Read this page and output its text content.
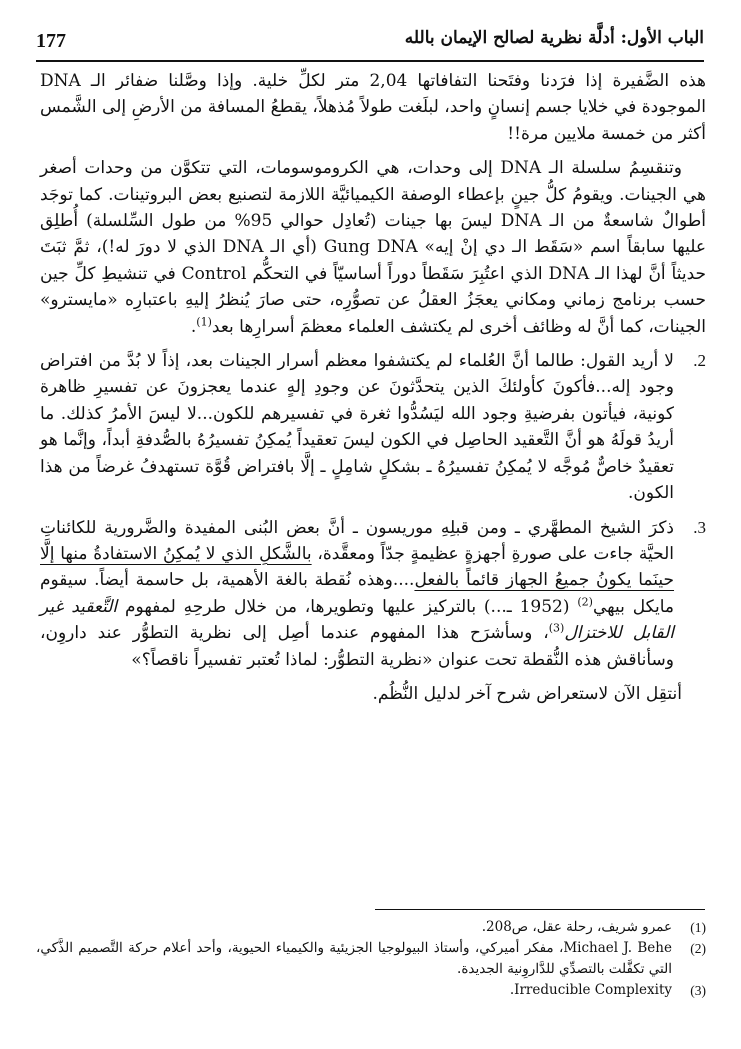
177	الباب الأول: أدلَّة نظرية لصالح الإيمان بالله

هذه الضَّفيرة إذا فرَدنا وفتَحنا التفافاتها 2,04 متر لكلِّ خلية. وإذا وصَّلنا ضفائر الـ DNA الموجودة في خلايا جسم إنسانٍ واحد، لبلَغت طولاً مُذهلاً، يقطعُ المسافة من الأرضِ إلى الشَّمس أكثر من خمسة ملايين مرة!!

وتنقسِمُ سلسلة الـ DNA إلى وحدات، هي الكروموسومات، التي تتكوَّن من وحدات أصغر هي الجينات. ويقومُ كلُّ جينٍ بإعطاء الوصفة الكيميائيَّة اللازمة لتصنيع بعض البروتينات. كما توجَد أطوالٌ شاسعةٌ من الـ DNA ليسَ بها جينات (تُعادِل حوالي 95% من طول السِّلسلة) أُطلِق عليها سابقاً اسم «سَقَط الـ دي إنْ إيه» Gung DNA (أي الـ DNA الذي لا دورَ له!)، ثمَّ ثبَتَ حديثاً أنَّ لهذا الـ DNA الذي اعتُبِرَ سَقَطاً دوراً أساسيّاً في التحكُّم Control في تنشيطِ كلِّ جين حسب برنامج زماني ومكاني يعجَزُ العقلُ عن تصوُّرِه، حتى صارَ يُنظرُ إليهِ باعتبارِه «مايسترو» الجينات، كما أنَّ له وظائف أخرى لم يكتشف العلماء معظمَ أسرارِها بعد$^{(1)}$.

.2
لا أريد القول: طالما أنَّ العُلماء لم يكتشفوا معظم أسرار الجينات بعد، إذاً لا بُدَّ من افتراض وجود إله...فأكونَ كأولئكَ الذين يتحدَّثونَ عن وجودِ إلهٍ عندما يعجزونَ عن تفسيرِ ظاهرة كونية، فيأتون بفرضيةِ وجود الله ليَسُدُّوا ثغرة في تفسيرهم للكون...لا ليسَ الأمرُ كذلك. ما أريدُ قولَهُ هو أنَّ التَّعقيد الحاصِل في الكون ليسَ تعقيداً يُمكِنُ تفسيرُهُ بالصُّدفةِ أبداً، وإنَّما هو تعقيدٌ خاصٌّ مُوجَّه لا يُمكِنُ تفسيرُهُ ـ بشكلٍ شامِلٍ ـ إلَّا بافتراض قُوَّة تستهدفُ غرضاً من هذا الكون.
.3
ذكرَ الشيخ المطهَّري ـ ومن قبلِهِ موريسون ـ أنَّ بعض البُنى المفيدة والضَّرورية للكائناتِ الحيَّة جاءت على صورةِ أجهزةٍ عظيمةٍ جدّاً ومعقَّدة، بالشَّكلِ الذي لا يُمكِنُ الاستفادةُ منها إلَّا حينَما يكونُ جميعُ الجهاز قائماً بالفعل....وهذه نُقطة بالغة الأهمية، بل حاسمة أيضاً. سيقوم مايكل بيهي$^{(2)}$ (1952 ـ...) بالتركيز عليها وتطويرها، من خلال طرحِهِ لمفهوم التَّعقيد غير القابل للاختزال$^{(3)}$، وسأشرَح هذا المفهوم عندما أصِل إلى نظرية التطوُّر عند داروِن، وسأناقش هذه النُّقطة تحت عنوان «نظرية التطوُّر: لماذا تُعتبر تفسيراً ناقصاً؟»

أنتقِل الآن لاستعراض شرح آخر لدليل النُّظُم.

(1)
عمرو شريف، رحلة عقل، ص208.
(2)
Michael J. Behe، مفكر أميركي، وأستاذ البيولوجيا الجزيئية والكيمياء الحيوية، وأحد أعلام حركة التَّصميم الذَّكي، التي تكفَّلت بالتصدِّي للدَّاروِنية الجديدة.
(3)
Irreducible Complexity.
